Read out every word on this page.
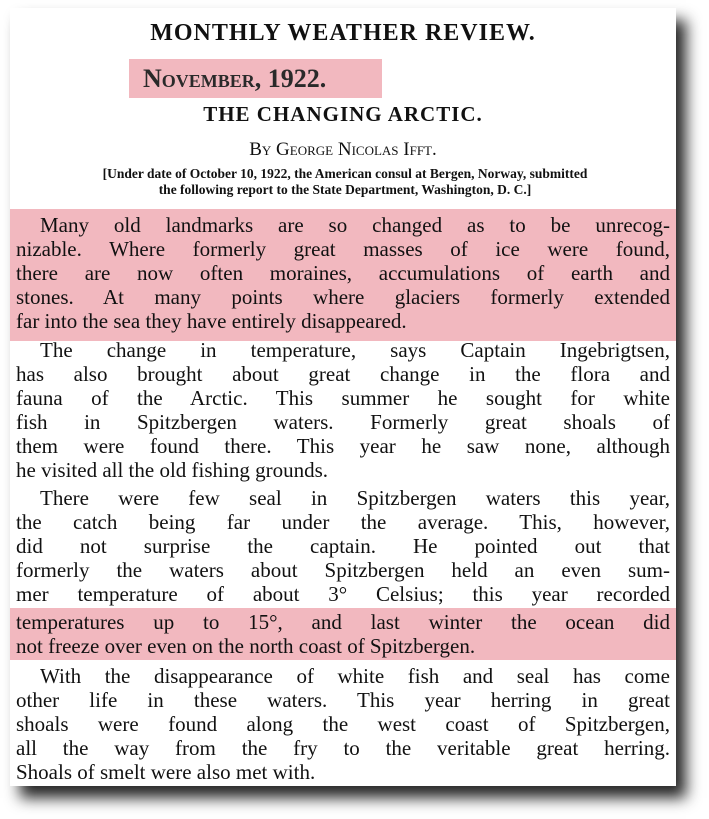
MONTHLY WEATHER REVIEW.
November, 1922.
THE CHANGING ARCTIC.
By George Nicolas Ifft.
[Under date of October 10, 1922, the American consul at Bergen, Norway, submitted
the following report to the State Department, Washington, D. C.]
Many old landmarks are so changed as to be unrecog-
nizable. Where formerly great masses of ice were found,
there are now often moraines, accumulations of earth and
stones. At many points where glaciers formerly extended
far into the sea they have entirely disappeared.
The change in temperature, says Captain Ingebrigtsen,
has also brought about great change in the flora and
fauna of the Arctic. This summer he sought for white
fish in Spitzbergen waters. Formerly great shoals of
them were found there. This year he saw none, although
he visited all the old fishing grounds.
There were few seal in Spitzbergen waters this year,
the catch being far under the average. This, however,
did not surprise the captain. He pointed out that
formerly the waters about Spitzbergen held an even sum-
mer temperature of about 3° Celsius; this year recorded
temperatures up to 15°, and last winter the ocean did
not freeze over even on the north coast of Spitzbergen.
With the disappearance of white fish and seal has come
other life in these waters. This year herring in great
shoals were found along the west coast of Spitzbergen,
all the way from the fry to the veritable great herring.
Shoals of smelt were also met with.
